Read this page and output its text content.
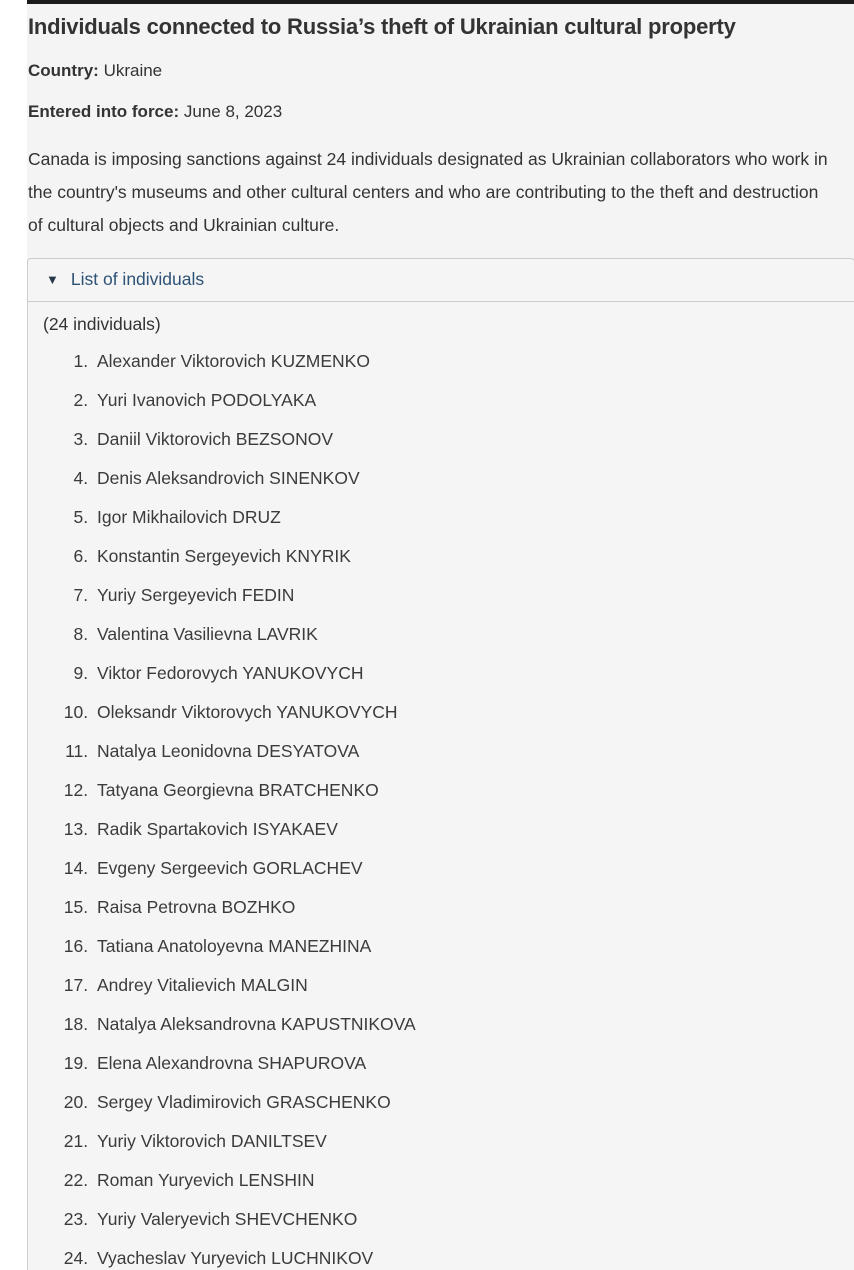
Individuals connected to Russia’s theft of Ukrainian cultural property

Country: Ukraine

Entered into force: June 8, 2023

Canada is imposing sanctions against 24 individuals designated as Ukrainian collaborators who work in the country's museums and other cultural centers and who are contributing to the theft and destruction of cultural objects and Ukrainian culture.

▼ List of individuals

(24 individuals)

1. Alexander Viktorovich KUZMENKO
2. Yuri Ivanovich PODOLYAKA
3. Daniil Viktorovich BEZSONOV
4. Denis Aleksandrovich SINENKOV
5. Igor Mikhailovich DRUZ
6. Konstantin Sergeyevich KNYRIK
7. Yuriy Sergeyevich FEDIN
8. Valentina Vasilievna LAVRIK
9. Viktor Fedorovych YANUKOVYCH
10. Oleksandr Viktorovych YANUKOVYCH
11. Natalya Leonidovna DESYATOVA
12. Tatyana Georgievna BRATCHENKO
13. Radik Spartakovich ISYAKAEV
14. Evgeny Sergeevich GORLACHEV
15. Raisa Petrovna BOZHKO
16. Tatiana Anatoloyevna MANEZHINA
17. Andrey Vitalievich MALGIN
18. Natalya Aleksandrovna KAPUSTNIKOVA
19. Elena Alexandrovna SHAPUROVA
20. Sergey Vladimirovich GRASCHENKO
21. Yuriy Viktorovich DANILTSEV
22. Roman Yuryevich LENSHIN
23. Yuriy Valeryevich SHEVCHENKO
24. Vyacheslav Yuryevich LUCHNIKOV
